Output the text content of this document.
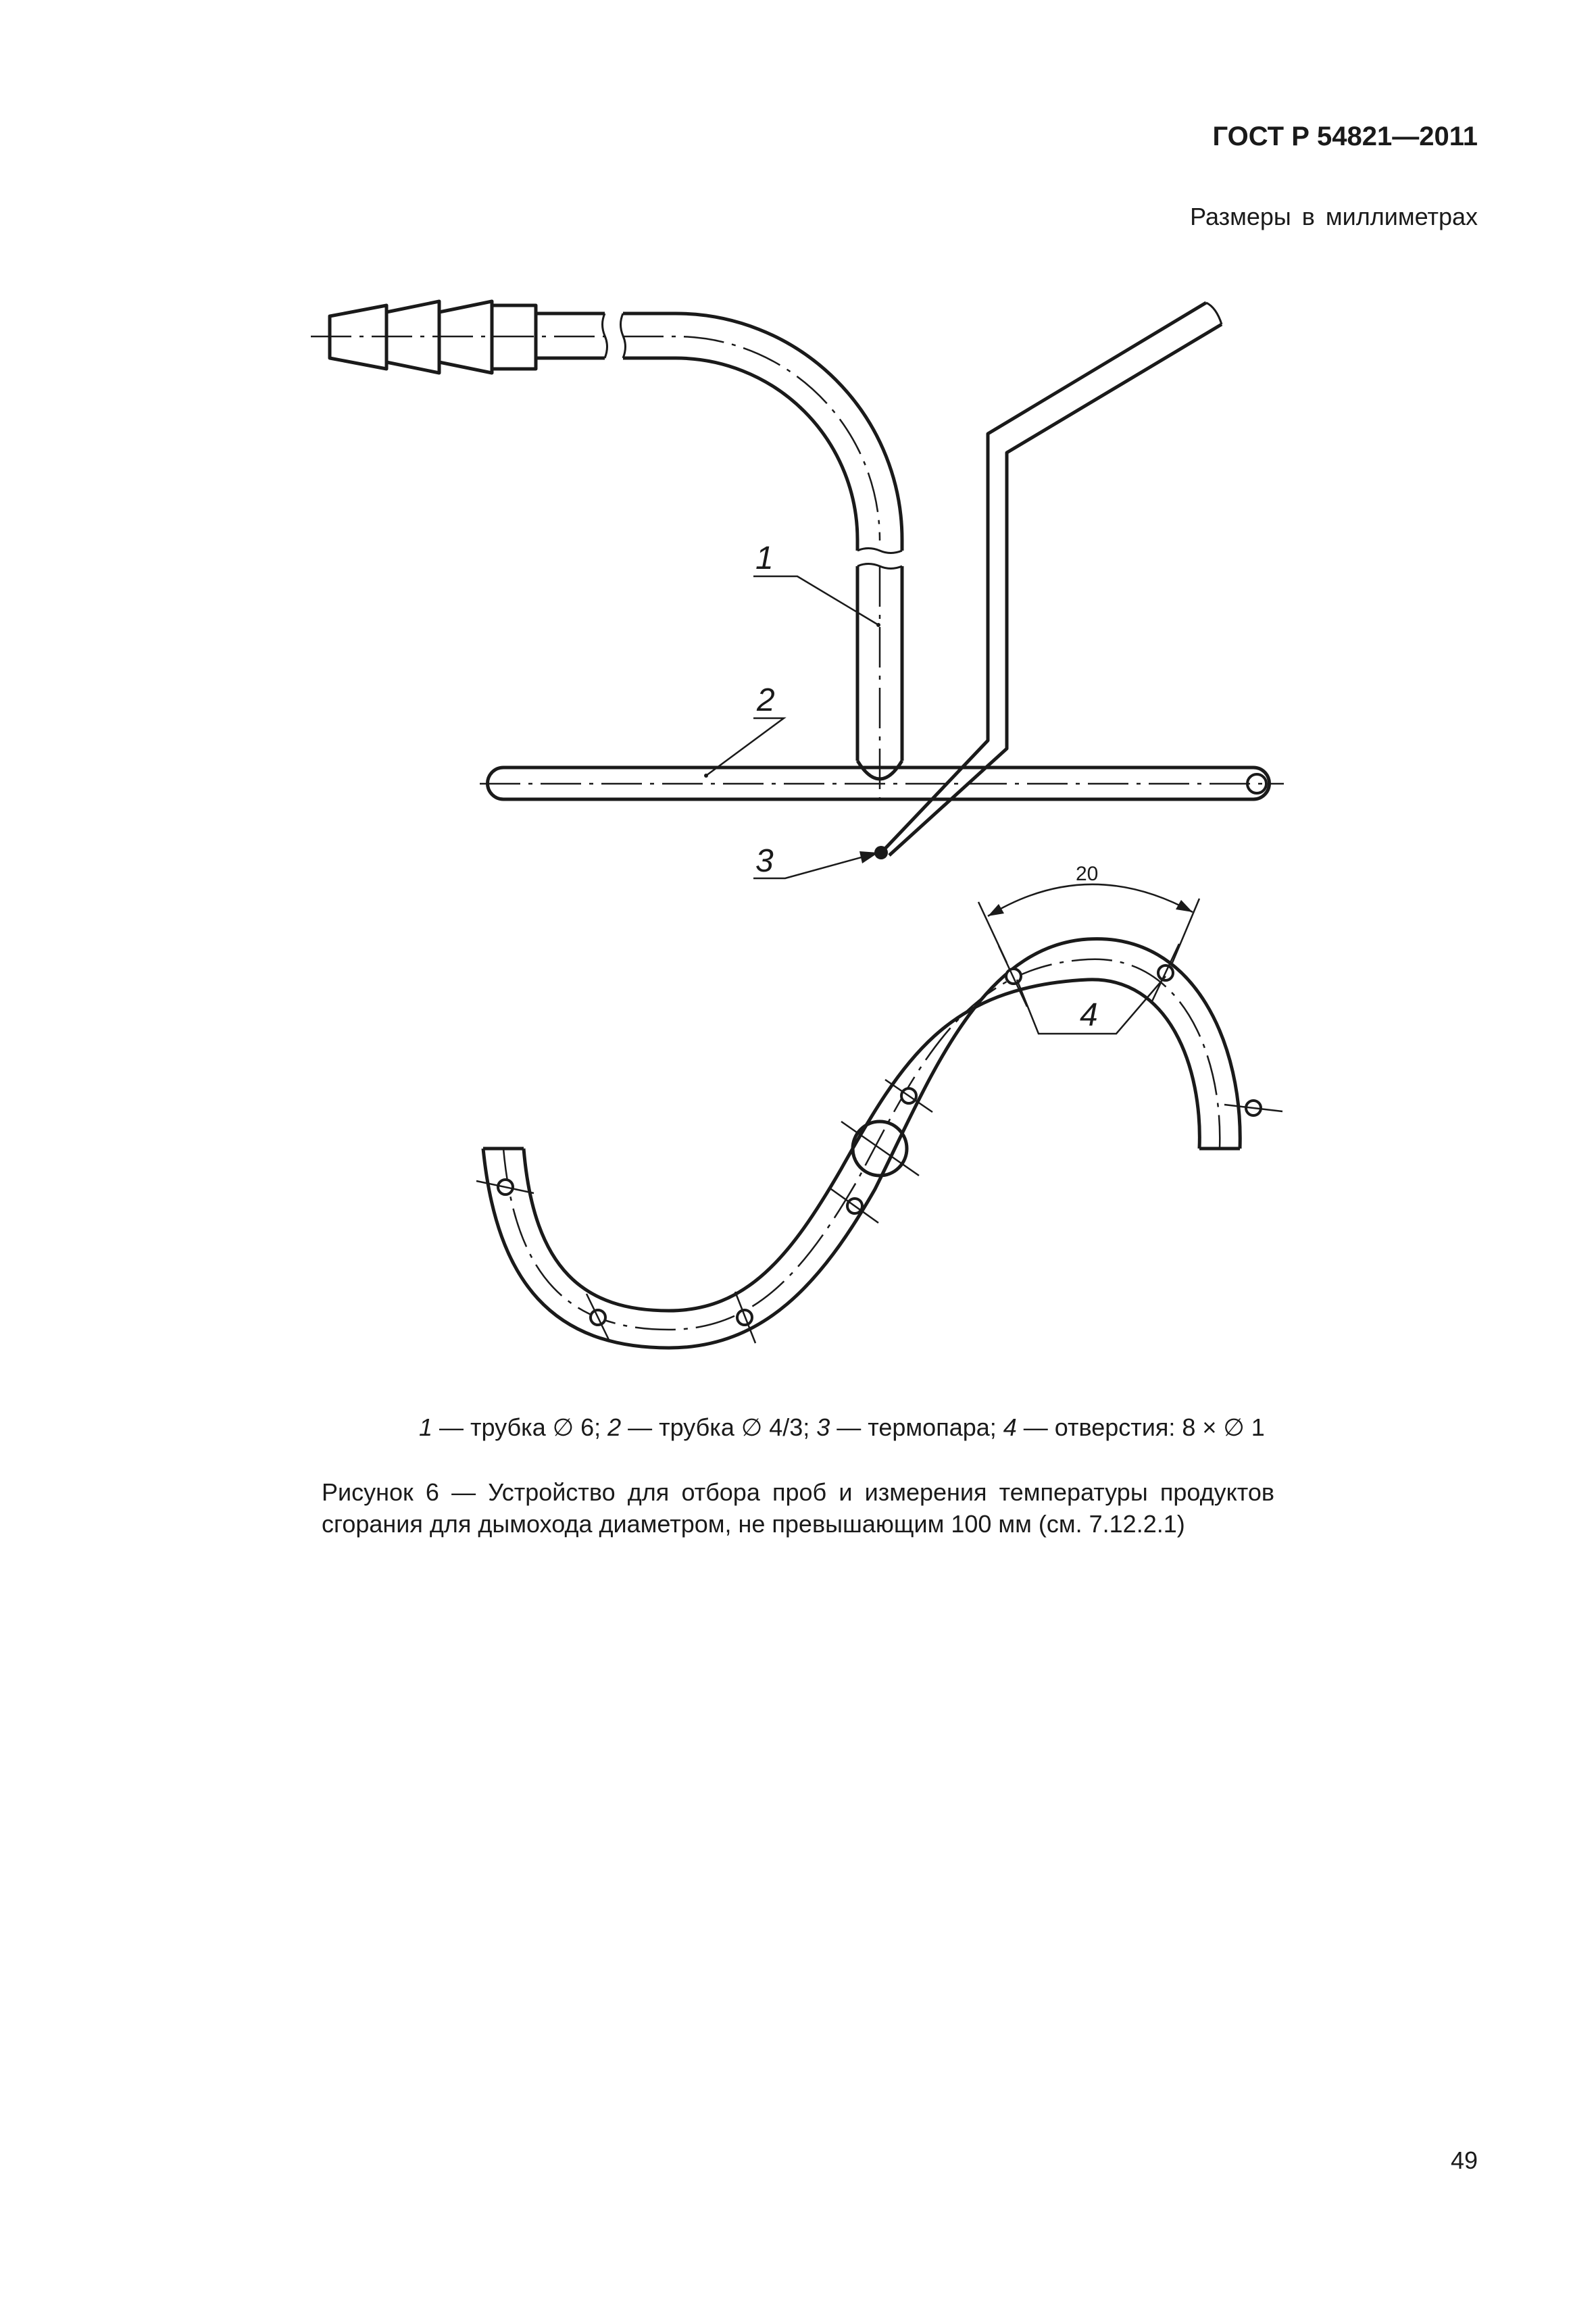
ГОСТ Р 54821—2011
Размеры в миллиметрах
1
2
3
4
20
1 — трубка ∅ 6; 2 — трубка ∅ 4/3; 3 — термопара; 4 — отверстия: 8 × ∅ 1
Рисунок 6 — Устройство для отбора проб и измерения температуры продуктов сгорания для дымохода диаметром, не превышающим 100 мм (см. 7.12.2.1)
49
